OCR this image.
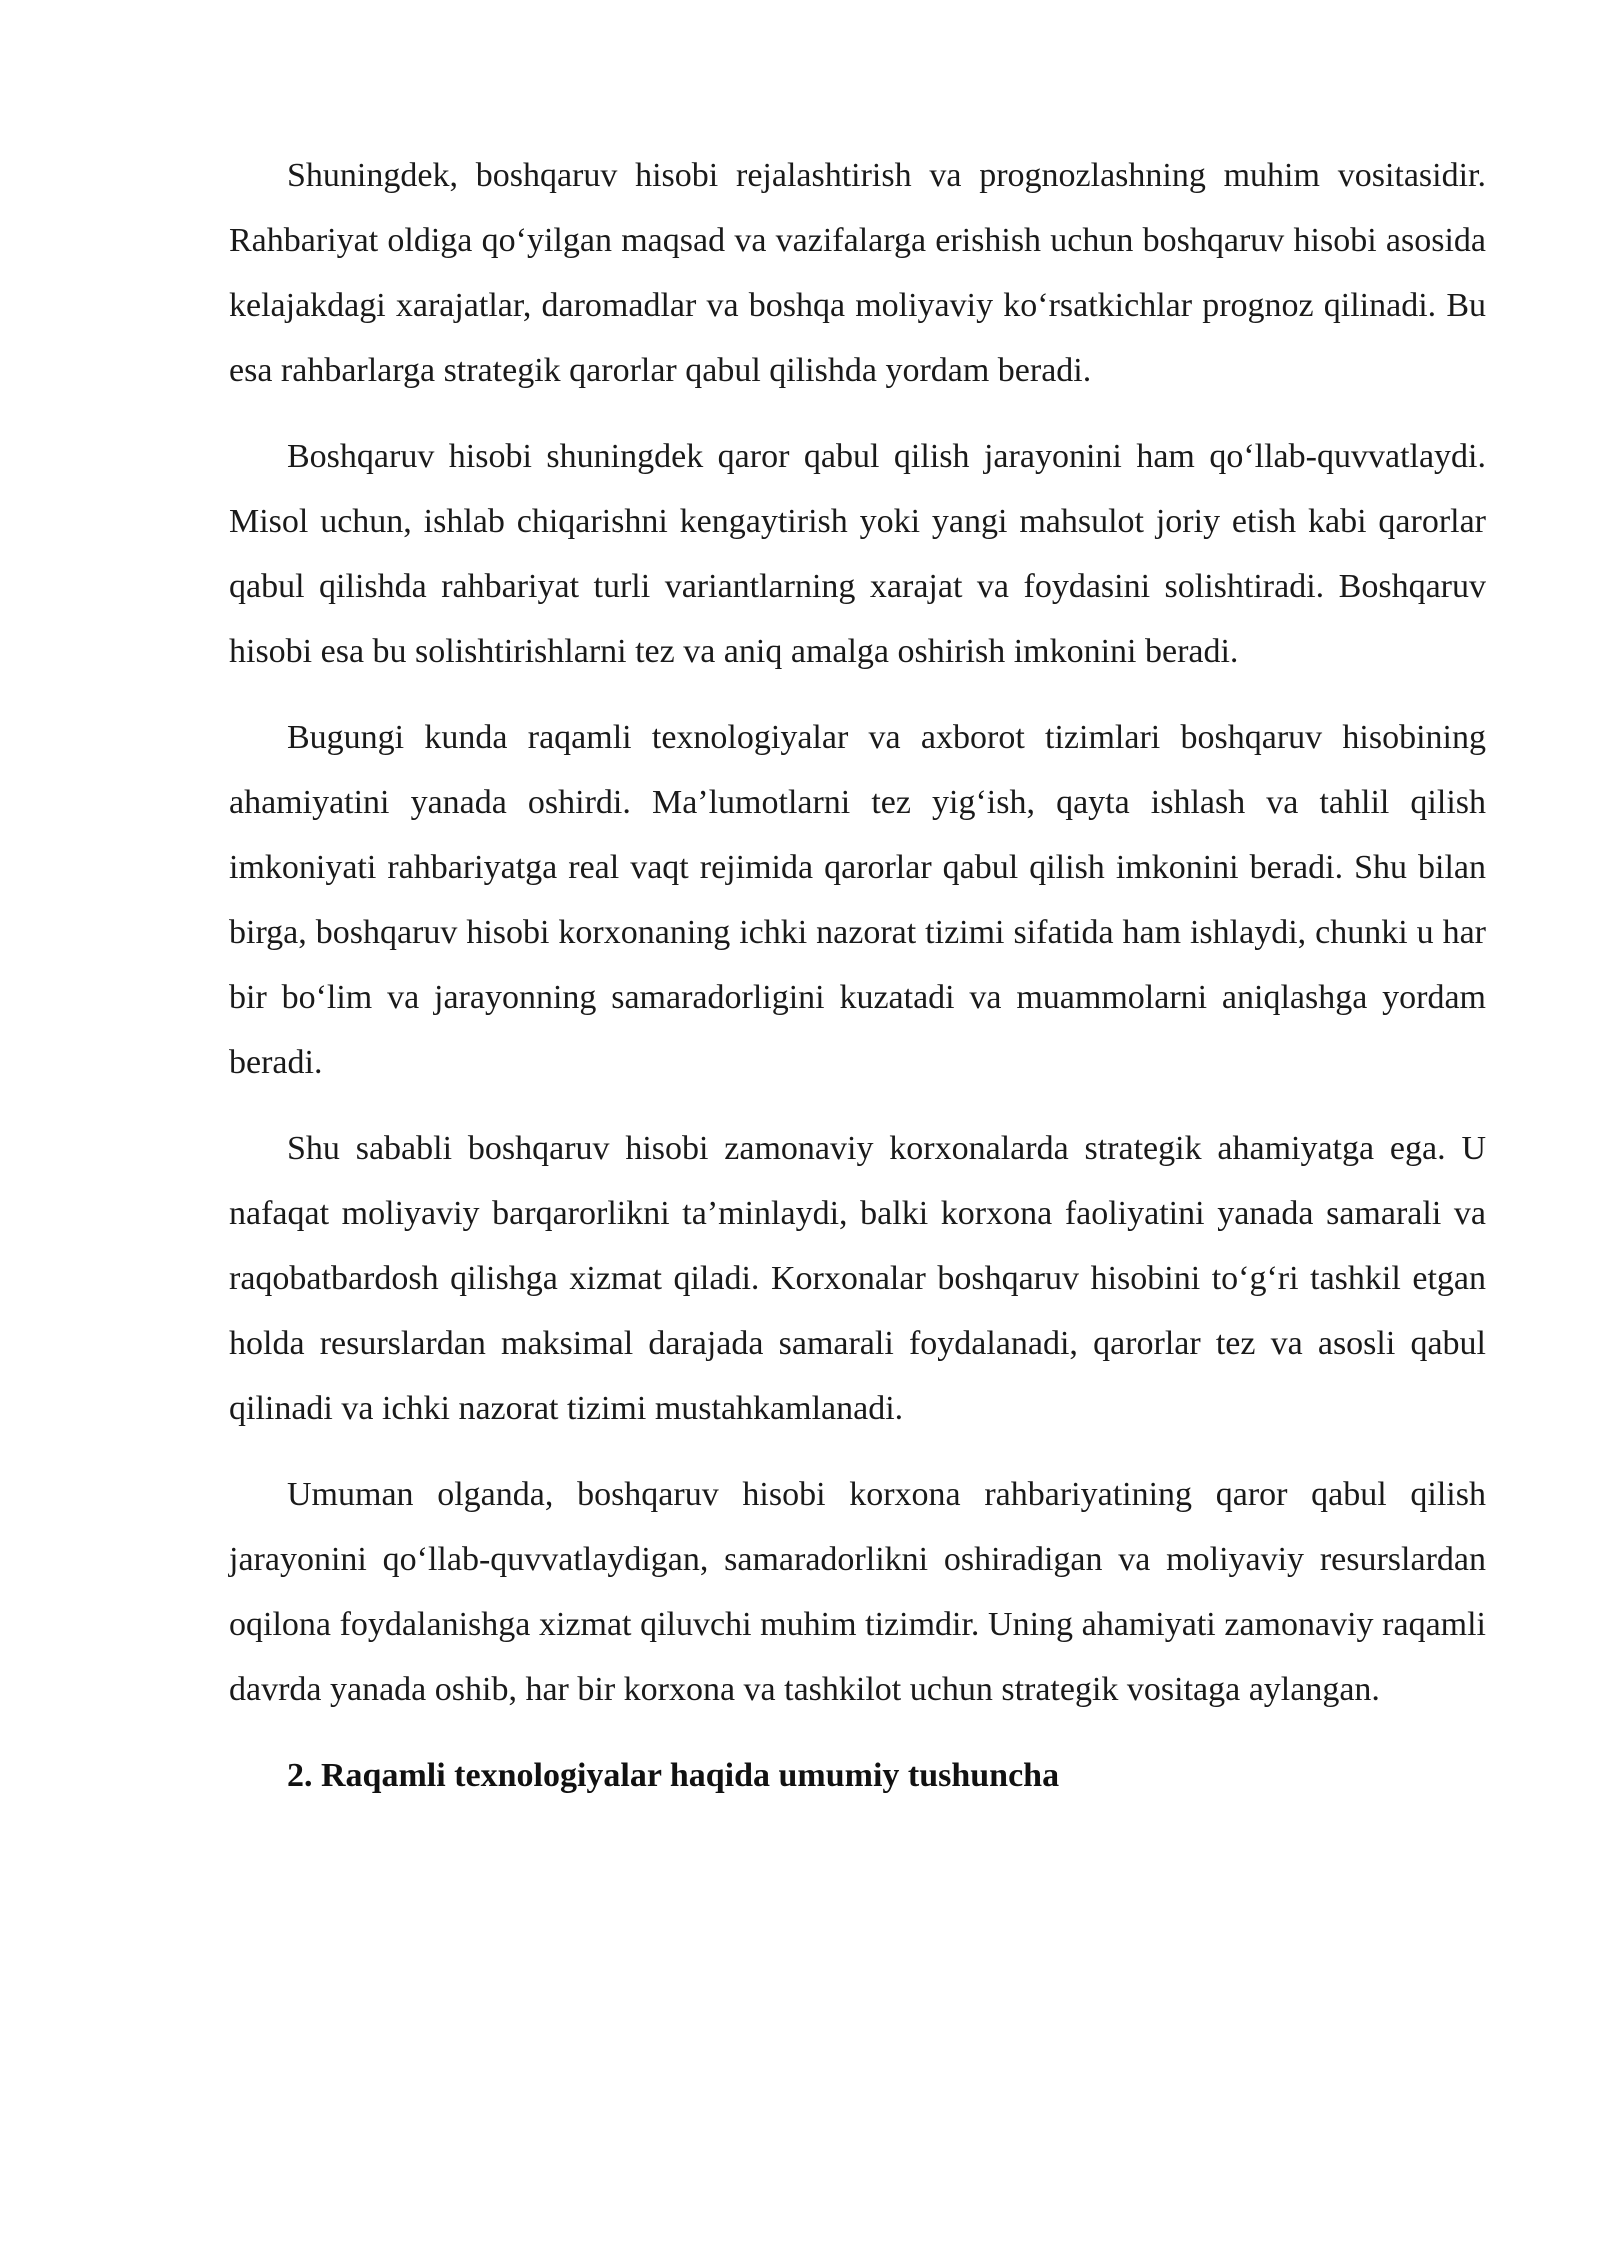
Shuningdek, boshqaruv hisobi rejalashtirish va prognozlashning muhim vositasidir. Rahbariyat oldiga qo‘yilgan maqsad va vazifalarga erishish uchun boshqaruv hisobi asosida kelajakdagi xarajatlar, daromadlar va boshqa moliyaviy ko‘rsatkichlar prognoz qilinadi. Bu esa rahbarlarga strategik qarorlar qabul qilishda yordam beradi.

Boshqaruv hisobi shuningdek qaror qabul qilish jarayonini ham qo‘llab-quvvatlaydi. Misol uchun, ishlab chiqarishni kengaytirish yoki yangi mahsulot joriy etish kabi qarorlar qabul qilishda rahbariyat turli variantlarning xarajat va foydasini solishtiradi. Boshqaruv hisobi esa bu solishtirishlarni tez va aniq amalga oshirish imkonini beradi.

Bugungi kunda raqamli texnologiyalar va axborot tizimlari boshqaruv hisobining ahamiyatini yanada oshirdi. Ma’lumotlarni tez yig‘ish, qayta ishlash va tahlil qilish imkoniyati rahbariyatga real vaqt rejimida qarorlar qabul qilish imkonini beradi. Shu bilan birga, boshqaruv hisobi korxonaning ichki nazorat tizimi sifatida ham ishlaydi, chunki u har bir bo‘lim va jarayonning samaradorligini kuzatadi va muammolarni aniqlashga yordam beradi.

Shu sababli boshqaruv hisobi zamonaviy korxonalarda strategik ahamiyatga ega. U nafaqat moliyaviy barqarorlikni ta’minlaydi, balki korxona faoliyatini yanada samarali va raqobatbardosh qilishga xizmat qiladi. Korxonalar boshqaruv hisobini to‘g‘ri tashkil etgan holda resurslardan maksimal darajada samarali foydalanadi, qarorlar tez va asosli qabul qilinadi va ichki nazorat tizimi mustahkamlanadi.

Umuman olganda, boshqaruv hisobi korxona rahbariyatining qaror qabul qilish jarayonini qo‘llab-quvvatlaydigan, samaradorlikni oshiradigan va moliyaviy resurslardan oqilona foydalanishga xizmat qiluvchi muhim tizimdir. Uning ahamiyati zamonaviy raqamli davrda yanada oshib, har bir korxona va tashkilot uchun strategik vositaga aylangan.

2. Raqamli texnologiyalar haqida umumiy tushuncha
